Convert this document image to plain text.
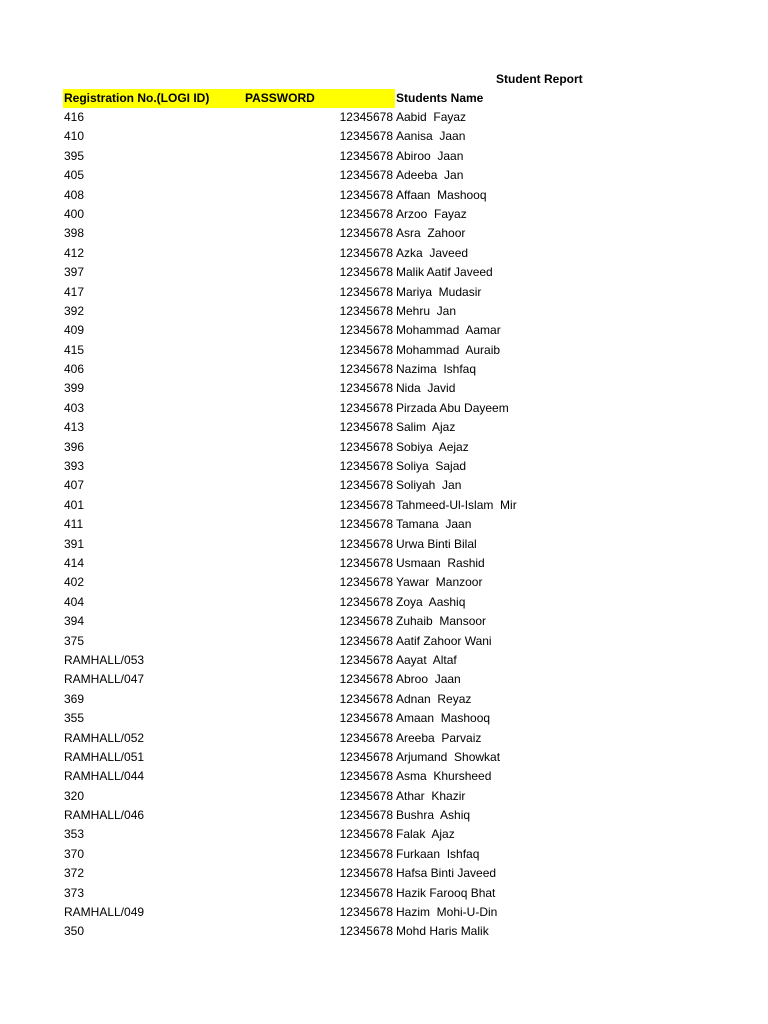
Student Report
Registration No.(LOGI ID)	PASSWORD	Students Name
416	12345678 Aabid  Fayaz
410	12345678 Aanisa  Jaan
395	12345678 Abiroo  Jaan
405	12345678 Adeeba  Jan
408	12345678 Affaan  Mashooq
400	12345678 Arzoo  Fayaz
398	12345678 Asra  Zahoor
412	12345678 Azka  Javeed
397	12345678 Malik Aatif Javeed
417	12345678 Mariya  Mudasir
392	12345678 Mehru  Jan
409	12345678 Mohammad  Aamar
415	12345678 Mohammad  Auraib
406	12345678 Nazima  Ishfaq
399	12345678 Nida  Javid
403	12345678 Pirzada Abu Dayeem
413	12345678 Salim  Ajaz
396	12345678 Sobiya  Aejaz
393	12345678 Soliya  Sajad
407	12345678 Soliyah  Jan
401	12345678 Tahmeed-Ul-Islam  Mir
411	12345678 Tamana  Jaan
391	12345678 Urwa Binti Bilal
414	12345678 Usmaan  Rashid
402	12345678 Yawar  Manzoor
404	12345678 Zoya  Aashiq
394	12345678 Zuhaib  Mansoor
375	12345678 Aatif Zahoor Wani
RAMHALL/053	12345678 Aayat  Altaf
RAMHALL/047	12345678 Abroo  Jaan
369	12345678 Adnan  Reyaz
355	12345678 Amaan  Mashooq
RAMHALL/052	12345678 Areeba  Parvaiz
RAMHALL/051	12345678 Arjumand  Showkat
RAMHALL/044	12345678 Asma  Khursheed
320	12345678 Athar  Khazir
RAMHALL/046	12345678 Bushra  Ashiq
353	12345678 Falak  Ajaz
370	12345678 Furkaan  Ishfaq
372	12345678 Hafsa Binti Javeed
373	12345678 Hazik Farooq Bhat
RAMHALL/049	12345678 Hazim  Mohi-U-Din
350	12345678 Mohd Haris Malik
